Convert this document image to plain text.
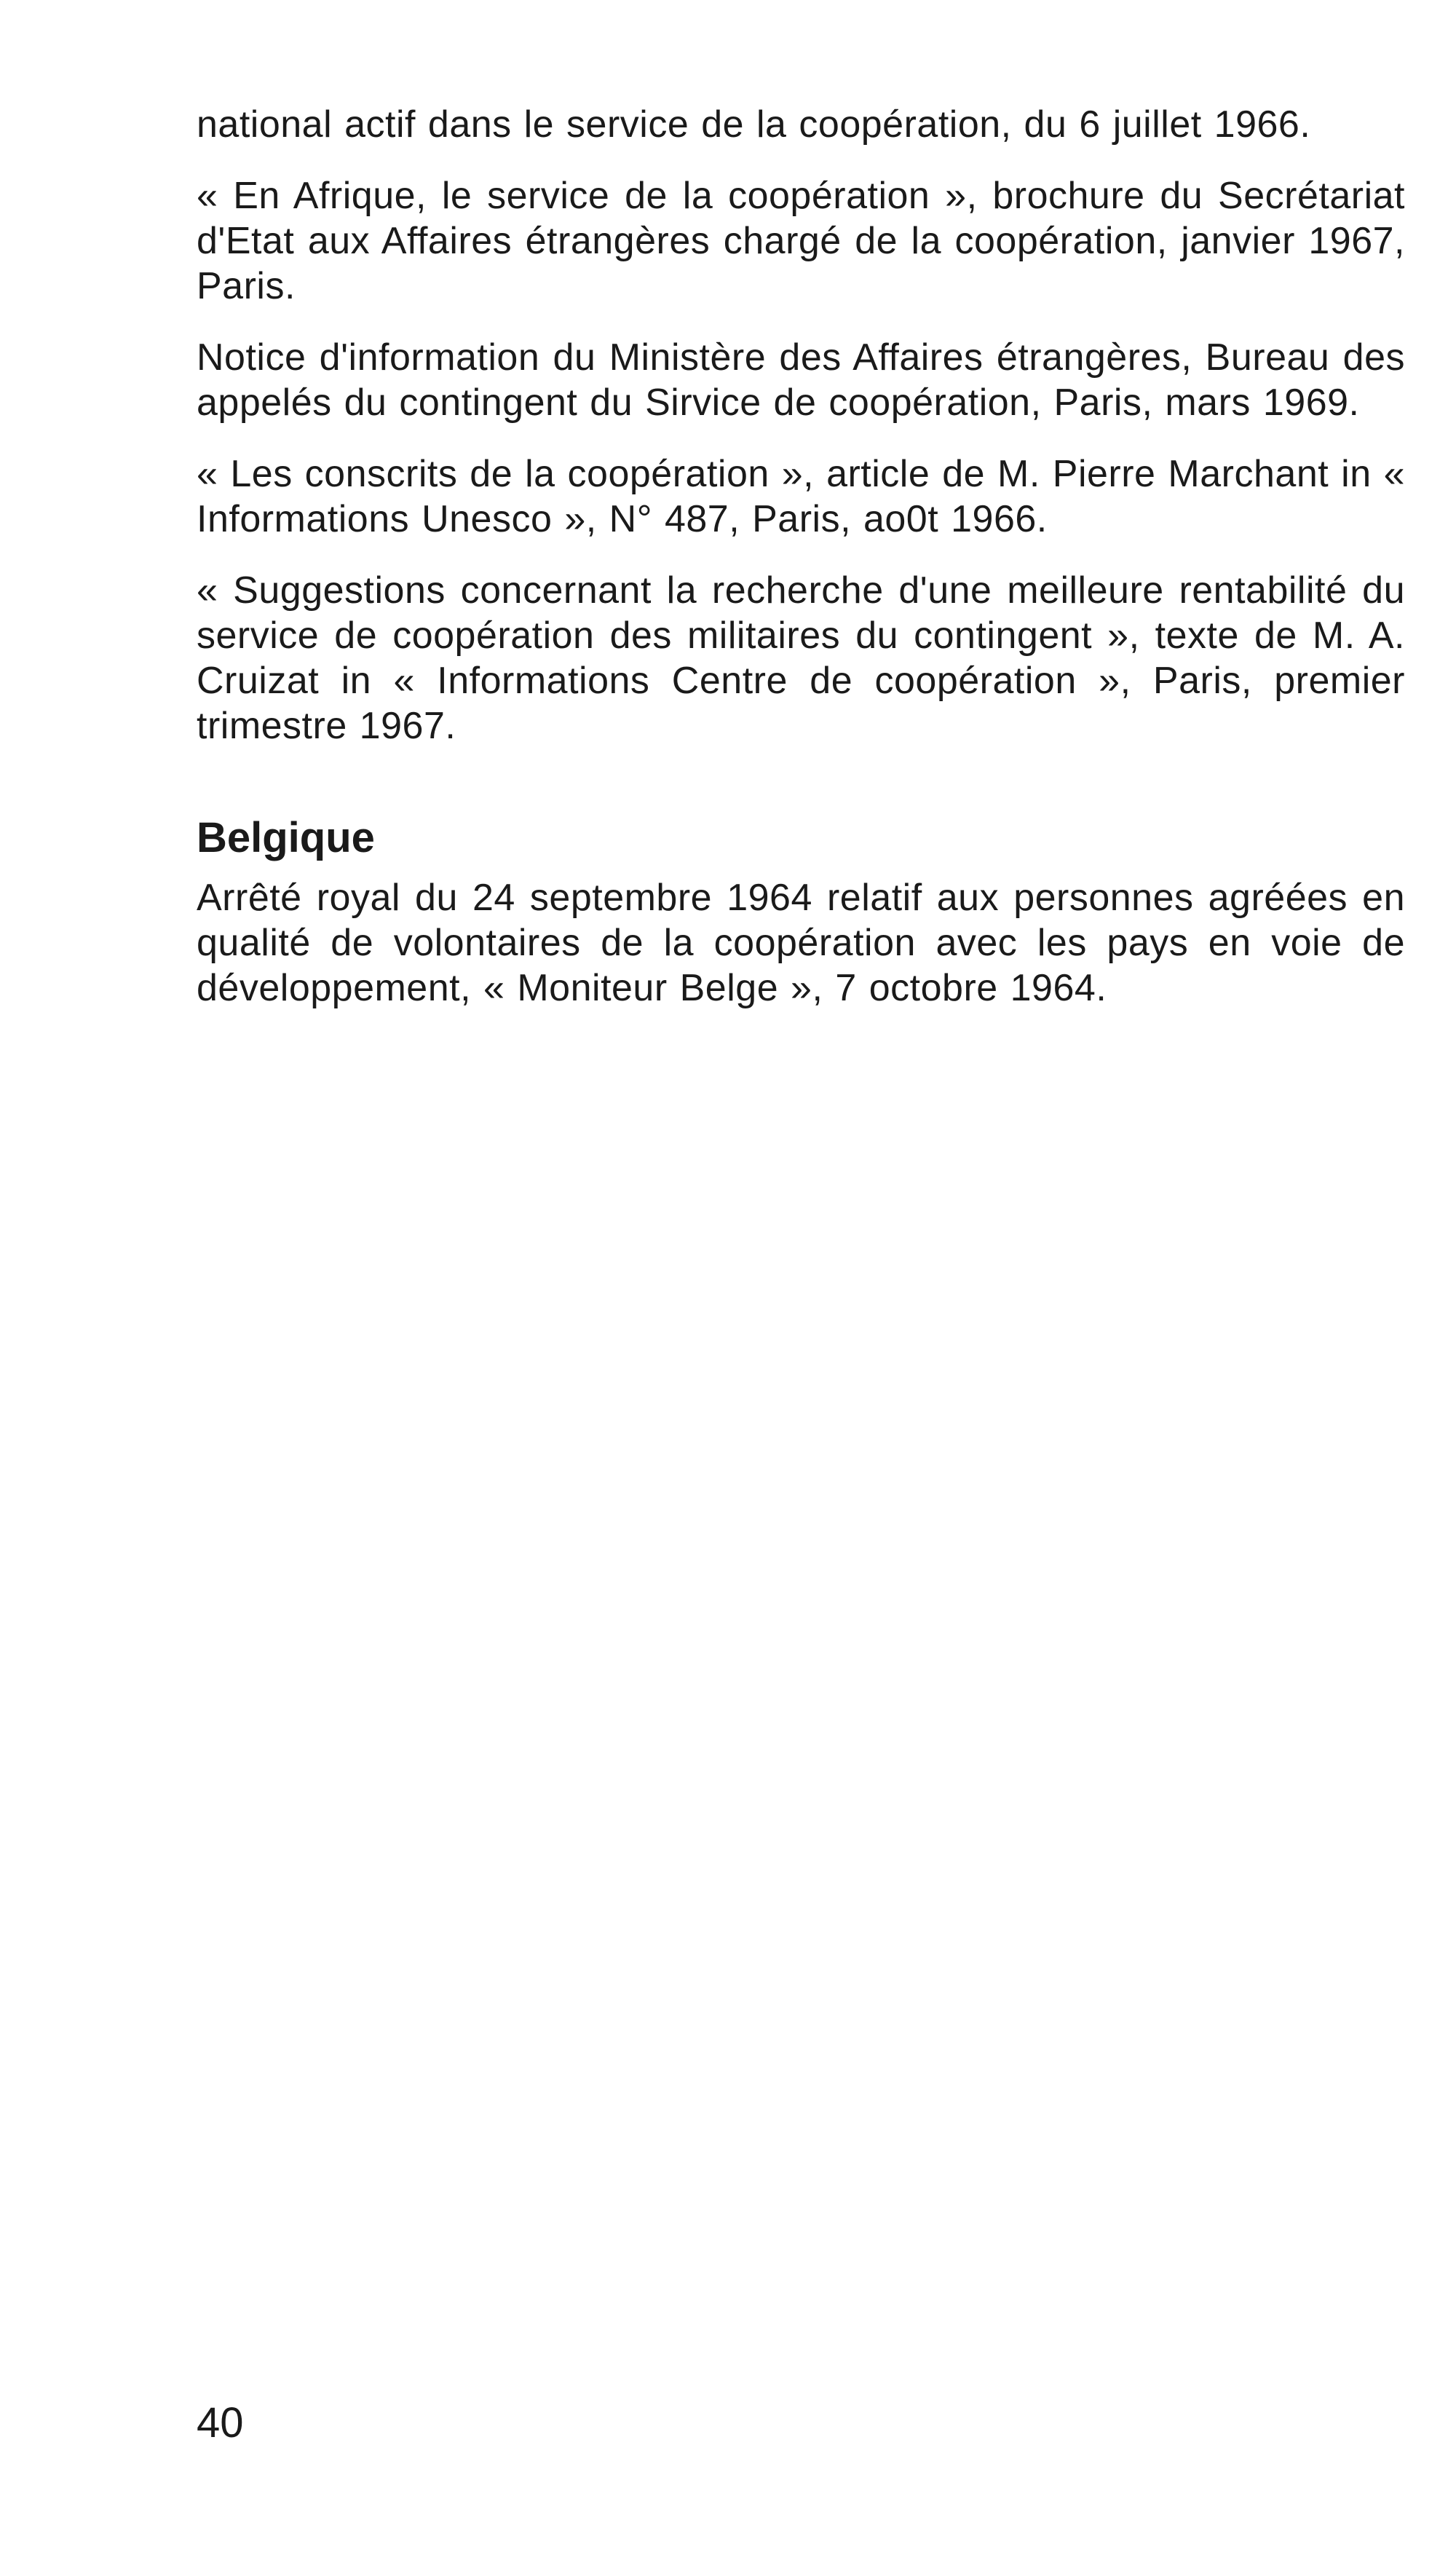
national actif dans le service de la coopération, du 6 juillet 1966.

« En Afrique, le service de la coopération », brochure du Secrétariat d'Etat aux Affaires étrangères chargé de la coopération, janvier 1967, Paris.

Notice d'information du Ministère des Affaires étrangères, Bureau des appelés du contingent du Sirvice de coopération, Paris, mars 1969.

« Les conscrits de la coopération », article de M. Pierre Marchant in « Informations Unesco », N° 487, Paris, ao0t 1966.

« Suggestions concernant la recherche d'une meilleure rentabilité du service de coopération des militaires du contingent », texte de M. A. Cruizat in « Informations Centre de coopération », Paris, premier trimestre 1967.

Belgique

Arrêté royal du 24 septembre 1964 relatif aux personnes agréées en qualité de volontaires de la coopération avec les pays en voie de développement, « Moniteur Belge », 7 octobre 1964.

40
